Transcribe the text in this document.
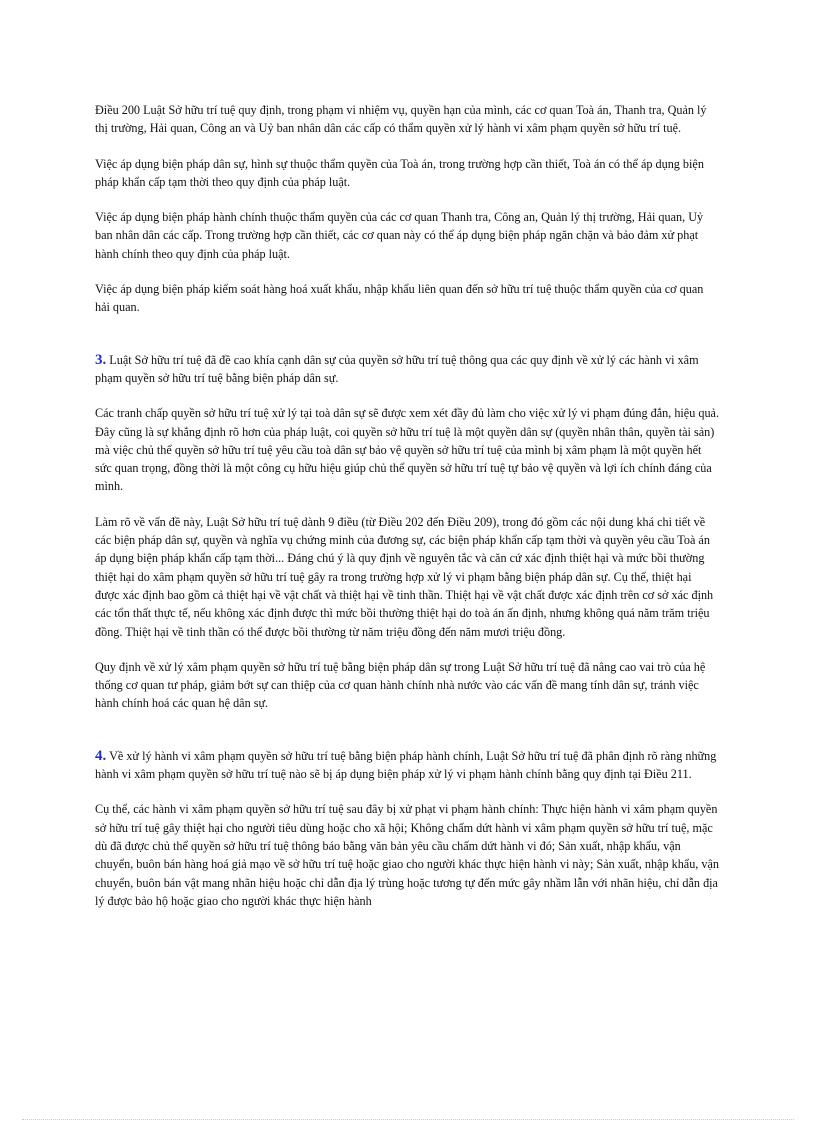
Điều 200 Luật Sở hữu trí tuệ quy định, trong phạm vi nhiệm vụ, quyền hạn của mình, các cơ quan Toà án, Thanh tra, Quản lý thị trường, Hải quan, Công an và Uỷ ban nhân dân các cấp có thẩm quyền xử lý hành vi xâm phạm quyền sở hữu trí tuệ.

Việc áp dụng biện pháp dân sự, hình sự thuộc thẩm quyền của Toà án, trong trường hợp cần thiết, Toà án có thể áp dụng biện pháp khẩn cấp tạm thời theo quy định của pháp luật.

Việc áp dụng biện pháp hành chính thuộc thẩm quyền của các cơ quan Thanh tra, Công an, Quản lý thị trường, Hải quan, Uỷ ban nhân dân các cấp. Trong trường hợp cần thiết, các cơ quan này có thể áp dụng biện pháp ngăn chặn và bảo đảm xử phạt hành chính theo quy định của pháp luật.

Việc áp dụng biện pháp kiểm soát hàng hoá xuất khẩu, nhập khẩu liên quan đến sở hữu trí tuệ thuộc thẩm quyền của cơ quan hải quan.

3. Luật Sở hữu trí tuệ đã đề cao khía cạnh dân sự của quyền sở hữu trí tuệ thông qua các quy định về xử lý các hành vi xâm phạm quyền sở hữu trí tuệ bằng biện pháp dân sự.

Các tranh chấp quyền sở hữu trí tuệ xử lý tại toà dân sự sẽ được xem xét đầy đủ làm cho việc xử lý vi phạm đúng đắn, hiệu quả. Đây cũng là sự khẳng định rõ hơn của pháp luật, coi quyền sở hữu trí tuệ là một quyền dân sự (quyền nhân thân, quyền tài sản) mà việc chủ thể quyền sở hữu trí tuệ yêu cầu toà dân sự bảo vệ quyền sở hữu trí tuệ của mình bị xâm phạm là một quyền hết sức quan trọng, đồng thời là một công cụ hữu hiệu giúp chủ thể quyền sở hữu trí tuệ tự bảo vệ quyền và lợi ích chính đáng của mình.

Làm rõ về vấn đề này, Luật Sở hữu trí tuệ dành 9 điều (từ Điều 202 đến Điều 209), trong đó gồm các nội dung khá chi tiết về các biện pháp dân sự, quyền và nghĩa vụ chứng minh của đương sự, các biện pháp khẩn cấp tạm thời và quyền yêu cầu Toà án áp dụng biện pháp khẩn cấp tạm thời... Đáng chú ý là quy định về nguyên tắc và căn cứ xác định thiệt hại và mức bồi thường thiệt hại do xâm phạm quyền sở hữu trí tuệ gây ra trong trường hợp xử lý vi phạm bằng biện pháp dân sự. Cụ thể, thiệt hại được xác định bao gồm cả thiệt hại về vật chất và thiệt hại về tinh thần. Thiệt hại về vật chất được xác định trên cơ sở xác định các tổn thất thực tế, nếu không xác định được thì mức bồi thường thiệt hại do toà án ấn định, nhưng không quá năm trăm triệu đồng. Thiệt hại về tinh thần có thể được bồi thường từ năm triệu đồng đến năm mươi triệu đồng.

Quy định về xử lý xâm phạm quyền sở hữu trí tuệ bằng biện pháp dân sự trong Luật Sở hữu trí tuệ đã nâng cao vai trò của hệ thống cơ quan tư pháp, giảm bớt sự can thiệp của cơ quan hành chính nhà nước vào các vấn đề mang tính dân sự, tránh việc hành chính hoá các quan hệ dân sự.

4. Về xử lý hành vi xâm phạm quyền sở hữu trí tuệ bằng biện pháp hành chính, Luật Sở hữu trí tuệ đã phân định rõ ràng những hành vi xâm phạm quyền sở hữu trí tuệ nào sẽ bị áp dụng biện pháp xử lý vi phạm hành chính bằng quy định tại Điều 211.

Cụ thể, các hành vi xâm phạm quyền sở hữu trí tuệ sau đây bị xử phạt vi phạm hành chính: Thực hiện hành vi xâm phạm quyền sở hữu trí tuệ gây thiệt hại cho người tiêu dùng hoặc cho xã hội; Không chấm dứt hành vi xâm phạm quyền sở hữu trí tuệ, mặc dù đã được chủ thể quyền sở hữu trí tuệ thông báo bằng văn bản yêu cầu chấm dứt hành vi đó; Sản xuất, nhập khẩu, vận chuyển, buôn bán hàng hoá giả mạo về sở hữu trí tuệ hoặc giao cho người khác thực hiện hành vi này; Sản xuất, nhập khẩu, vận chuyển, buôn bán vật mang nhãn hiệu hoặc chỉ dẫn địa lý trùng hoặc tương tự đến mức gây nhầm lẫn với nhãn hiệu, chỉ dẫn địa lý được bảo hộ hoặc giao cho người khác thực hiện hành
